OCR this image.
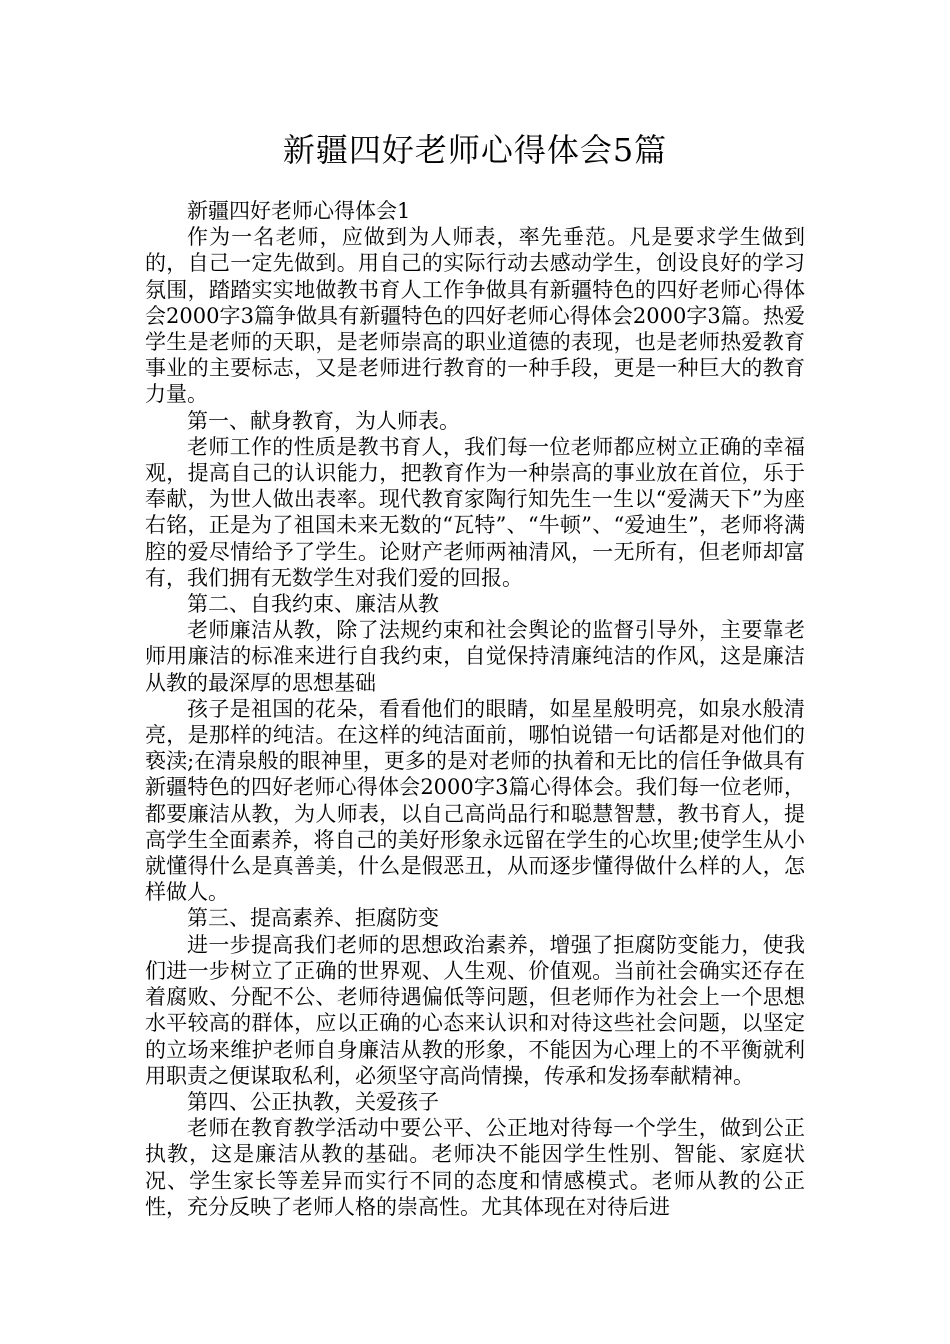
新疆四好老师心得体会5篇

新疆四好老师心得体会1

作为一名老师，应做到为人师表，率先垂范。凡是要求学生做到的，自己一定先做到。用自己的实际行动去感动学生，创设良好的学习氛围，踏踏实实地做教书育人工作争做具有新疆特色的四好老师心得体会2000字3篇争做具有新疆特色的四好老师心得体会2000字3篇。热爱学生是老师的天职，是老师崇高的职业道德的表现，也是老师热爱教育事业的主要标志，又是老师进行教育的一种手段，更是一种巨大的教育力量。

第一、献身教育，为人师表。

老师工作的性质是教书育人，我们每一位老师都应树立正确的幸福观，提高自己的认识能力，把教育作为一种崇高的事业放在首位，乐于奉献，为世人做出表率。现代教育家陶行知先生一生以“爱满天下”为座右铭，正是为了祖国未来无数的“瓦特”、“牛顿”、“爱迪生”，老师将满腔的爱尽情给予了学生。论财产老师两袖清风，一无所有，但老师却富有，我们拥有无数学生对我们爱的回报。

第二、自我约束、廉洁从教

老师廉洁从教，除了法规约束和社会舆论的监督引导外，主要靠老师用廉洁的标准来进行自我约束，自觉保持清廉纯洁的作风，这是廉洁从教的最深厚的思想基础

孩子是祖国的花朵，看看他们的眼睛，如星星般明亮，如泉水般清亮，是那样的纯洁。在这样的纯洁面前，哪怕说错一句话都是对他们的亵渎;在清泉般的眼神里，更多的是对老师的执着和无比的信任争做具有新疆特色的四好老师心得体会2000字3篇心得体会。我们每一位老师，都要廉洁从教，为人师表，以自己高尚品行和聪慧智慧，教书育人，提高学生全面素养，将自己的美好形象永远留在学生的心坎里;使学生从小就懂得什么是真善美，什么是假恶丑，从而逐步懂得做什么样的人，怎样做人。

第三、提高素养、拒腐防变

进一步提高我们老师的思想政治素养，增强了拒腐防变能力，使我们进一步树立了正确的世界观、人生观、价值观。当前社会确实还存在着腐败、分配不公、老师待遇偏低等问题，但老师作为社会上一个思想水平较高的群体，应以正确的心态来认识和对待这些社会问题，以坚定的立场来维护老师自身廉洁从教的形象，不能因为心理上的不平衡就利用职责之便谋取私利，必须坚守高尚情操，传承和发扬奉献精神。

第四、公正执教，关爱孩子

老师在教育教学活动中要公平、公正地对待每一个学生，做到公正执教，这是廉洁从教的基础。老师决不能因学生性别、智能、家庭状况、学生家长等差异而实行不同的态度和情感模式。老师从教的公正性，充分反映了老师人格的崇高性。尤其体现在对待后进
